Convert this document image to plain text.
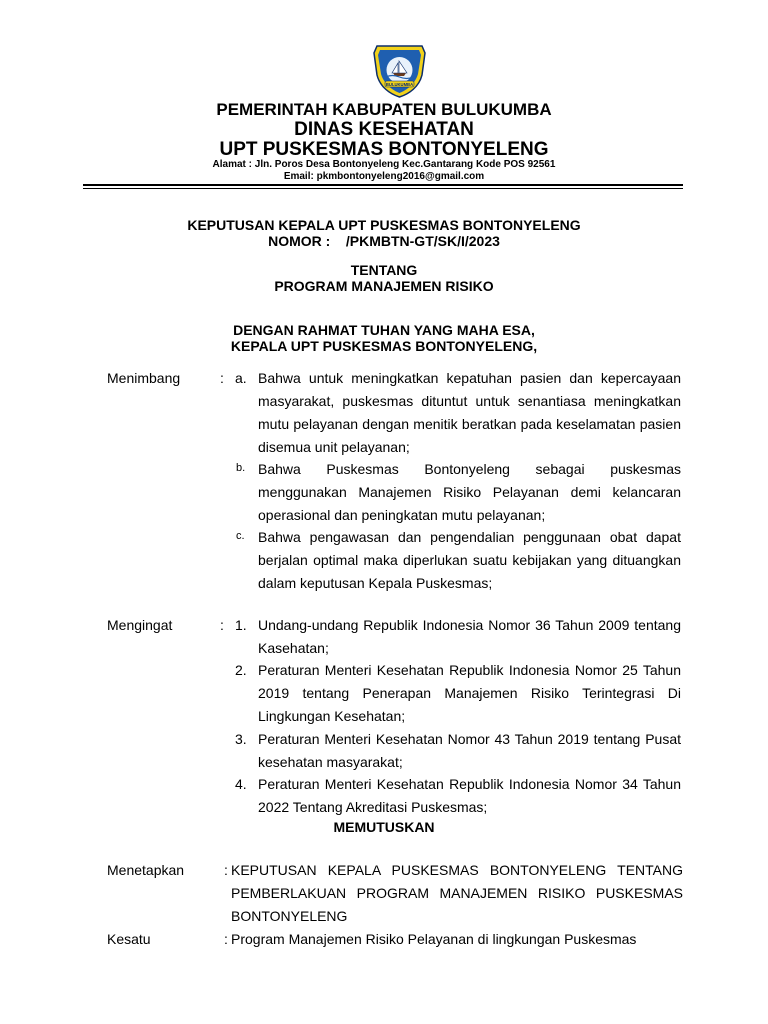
BULUKUMBA
PEMERINTAH KABUPATEN BULUKUMBA
DINAS KESEHATAN
UPT PUSKESMAS BONTONYELENG
Alamat : Jln. Poros Desa Bontonyeleng Kec.Gantarang Kode POS 92561
Email: pkmbontonyeleng2016@gmail.com
KEPUTUSAN KEPALA UPT PUSKESMAS BONTONYELENG
NOMOR :    /PKMBTN-GT/SK/I/2023
TENTANG
PROGRAM MANAJEMEN RISIKO
DENGAN RAHMAT TUHAN YANG MAHA ESA,
KEPALA UPT PUSKESMAS BONTONYELENG,
Menimbang	: a. Bahwa untuk meningkatkan kepatuhan pasien dan kepercayaan masyarakat, puskesmas dituntut untuk senantiasa meningkatkan mutu pelayanan dengan menitik beratkan pada keselamatan pasien disemua unit pelayanan;
b. Bahwa Puskesmas Bontonyeleng sebagai puskesmas menggunakan Manajemen Risiko Pelayanan demi kelancaran operasional dan peningkatan mutu pelayanan;
c. Bahwa pengawasan dan pengendalian penggunaan obat dapat berjalan optimal maka diperlukan suatu kebijakan yang dituangkan dalam keputusan Kepala Puskesmas;
Mengingat	: 1. Undang-undang Republik Indonesia Nomor 36 Tahun 2009 tentang Kasehatan;
2. Peraturan Menteri Kesehatan Republik Indonesia Nomor 25 Tahun 2019 tentang Penerapan Manajemen Risiko Terintegrasi Di Lingkungan Kesehatan;
3. Peraturan Menteri Kesehatan Nomor 43 Tahun 2019 tentang Pusat kesehatan masyarakat;
4. Peraturan Menteri Kesehatan Republik Indonesia Nomor 34 Tahun 2022 Tentang Akreditasi Puskesmas;
MEMUTUSKAN
Menetapkan	: KEPUTUSAN KEPALA PUSKESMAS BONTONYELENG TENTANG PEMBERLAKUAN PROGRAM MANAJEMEN RISIKO PUSKESMAS BONTONYELENG
Kesatu	: Program Manajemen Risiko Pelayanan di lingkungan Puskesmas
